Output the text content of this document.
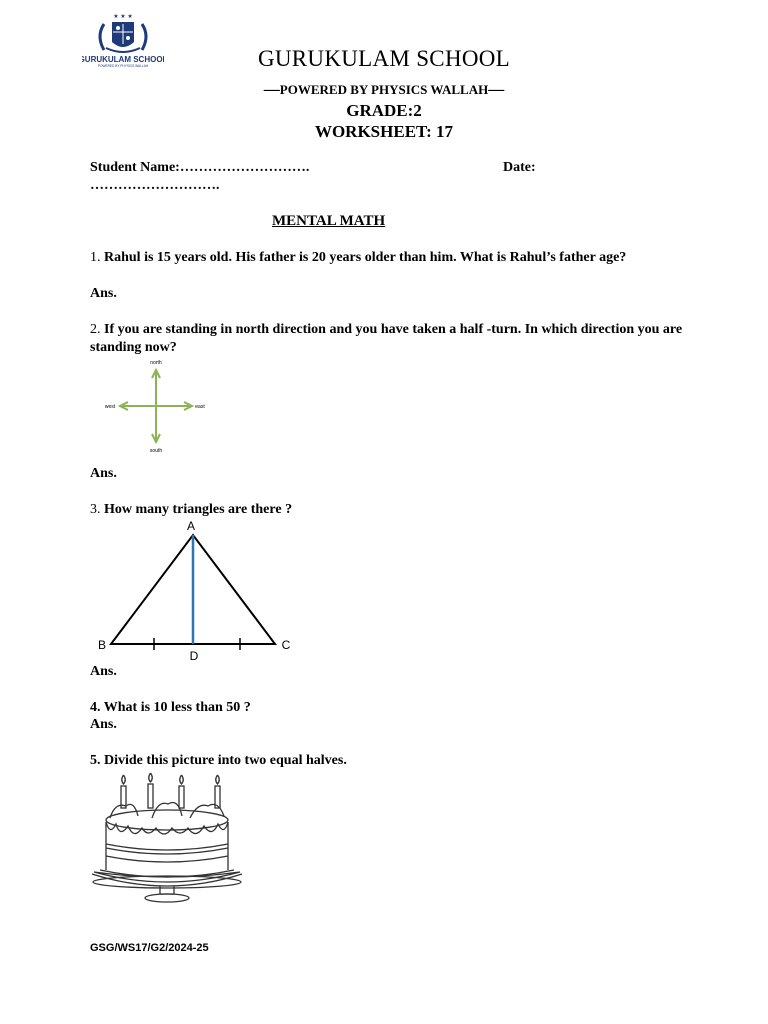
★ ★ ★
GURUKULAM SCHOOL
POWERED BY PHYSICS WALLAH	GURUKULAM SCHOOL
—POWERED BY PHYSICS WALLAH—
GRADE:2
WORKSHEET: 17
Student Name:……………………….	Date:
……………………….
MENTAL MATH
1. Rahul is 15 years old. His father is 20 years older than him. What is Rahul’s father age?
Ans.
2. If you are standing in north direction and you have taken a half -turn. In which direction you are standing now?
north
south
west	east
Ans.
3. How many triangles are there ?
A
B	C
D
Ans.
4. What is 10 less than 50 ?
Ans.
5. Divide this picture into two equal halves.
GSG/WS17/G2/2024-25
